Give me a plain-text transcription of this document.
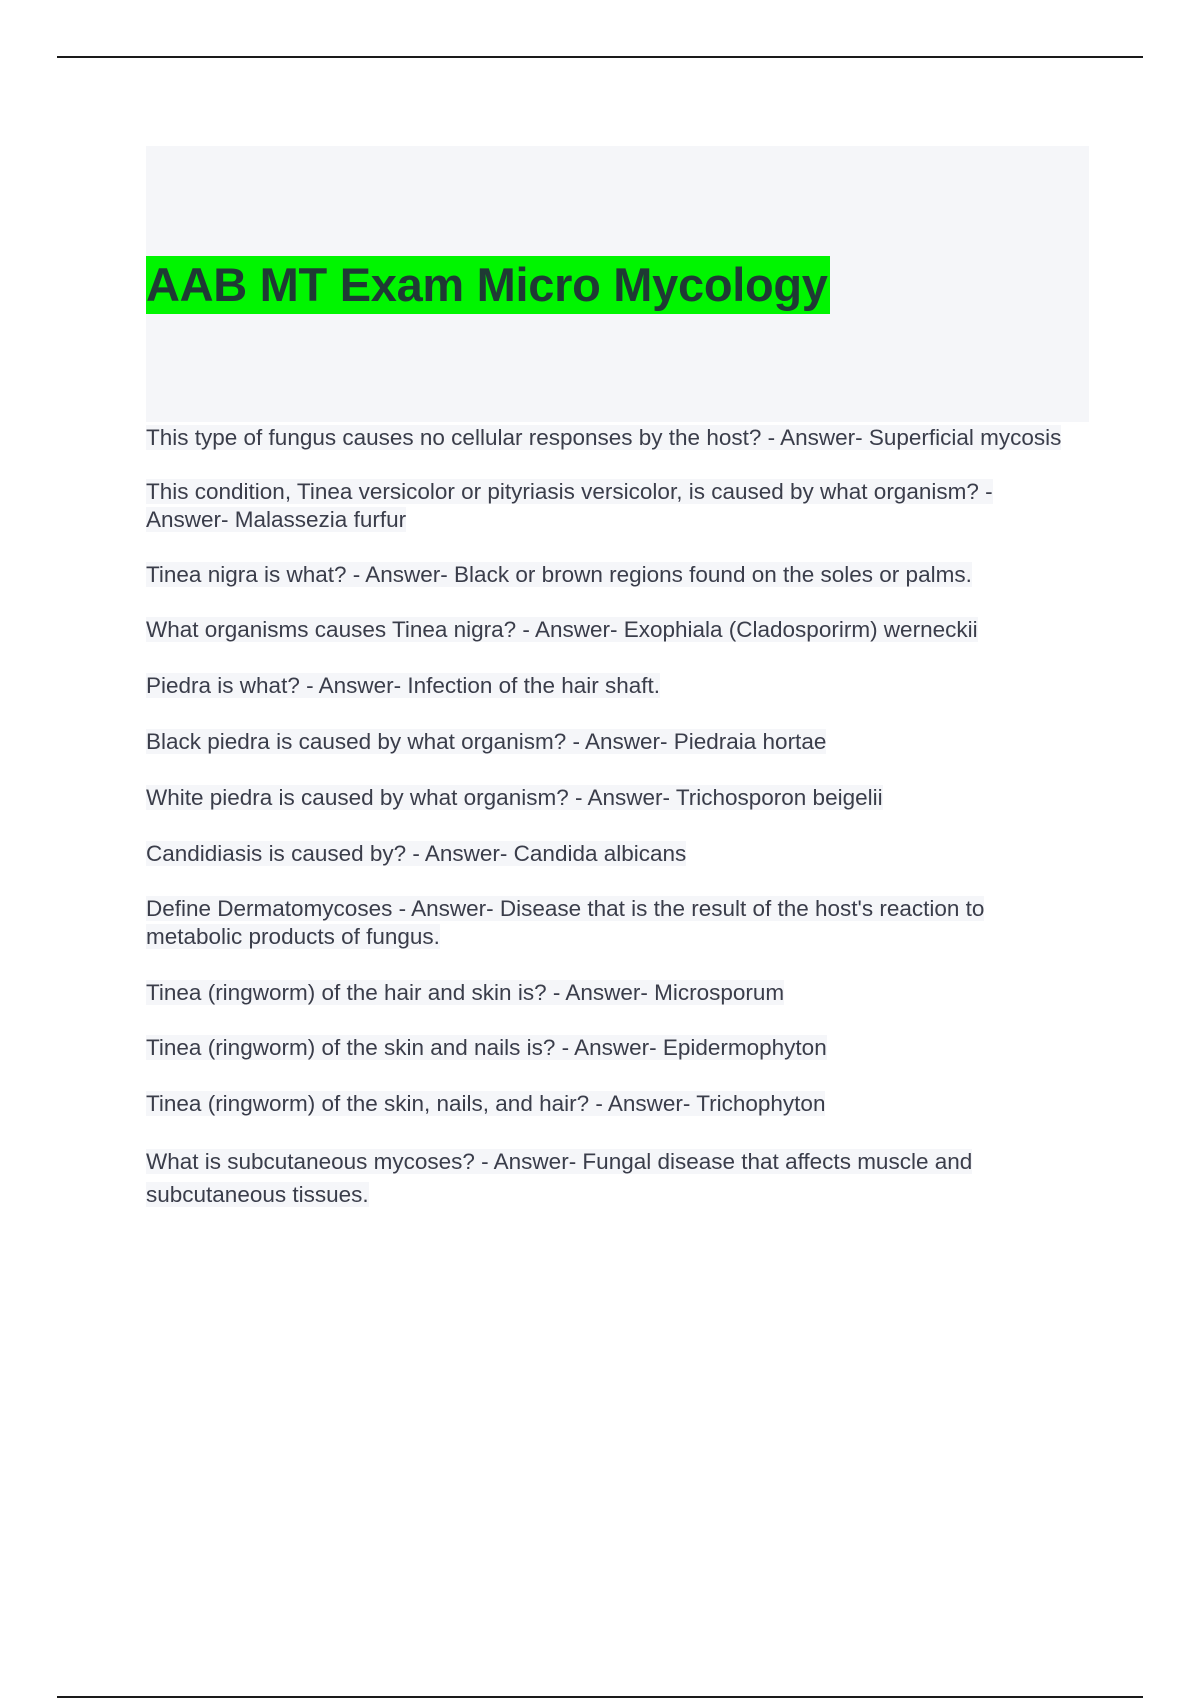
AAB MT Exam Micro Mycology
This type of fungus causes no cellular responses by the host? - Answer- Superficial mycosis
This condition, Tinea versicolor or pityriasis versicolor, is caused by what organism? - Answer- Malassezia furfur
Tinea nigra is what? - Answer- Black or brown regions found on the soles or palms.
What organisms causes Tinea nigra? - Answer- Exophiala (Cladosporirm) werneckii
Piedra is what? - Answer- Infection of the hair shaft.
Black piedra is caused by what organism? - Answer- Piedraia hortae
White piedra is caused by what organism? - Answer- Trichosporon beigelii
Candidiasis is caused by? - Answer- Candida albicans
Define Dermatomycoses - Answer- Disease that is the result of the host's reaction to metabolic products of fungus.
Tinea (ringworm) of the hair and skin is? - Answer- Microsporum
Tinea (ringworm) of the skin and nails is? - Answer- Epidermophyton
Tinea (ringworm) of the skin, nails, and hair? - Answer- Trichophyton
What is subcutaneous mycoses? - Answer- Fungal disease that affects muscle and subcutaneous tissues.
